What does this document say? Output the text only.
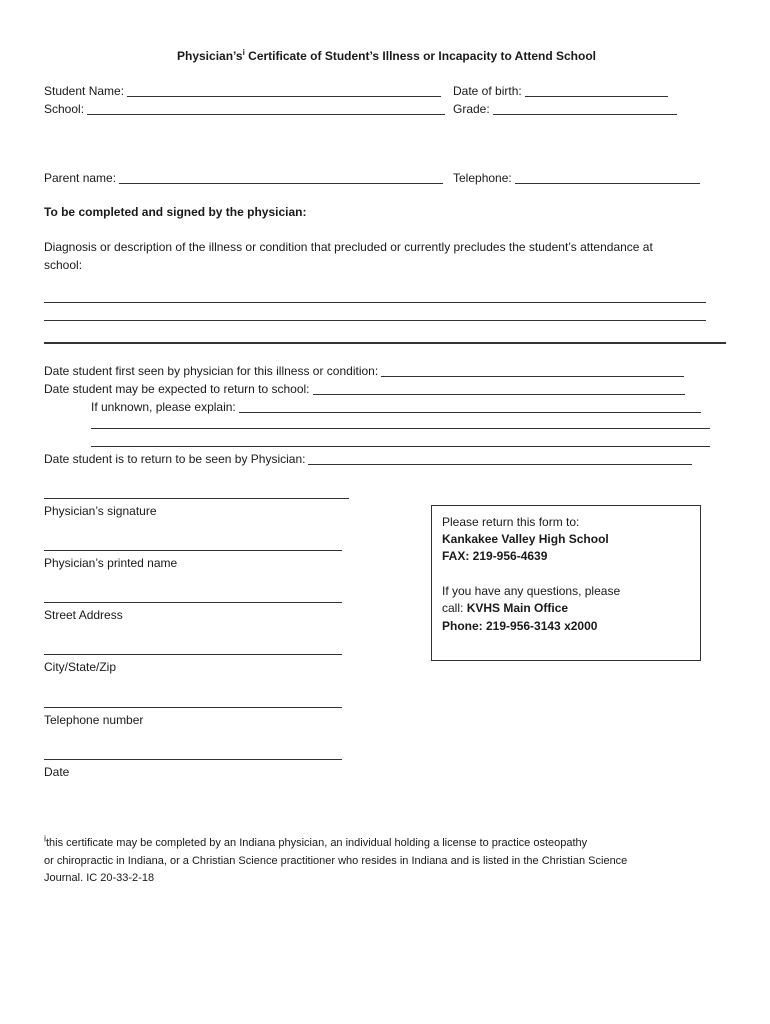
$Physician’s^i$ Certificate of Student’s Illness or Incapacity to Attend School
Student Name:	Date of birth:
School:	Grade:
Parent name:	Telephone:
To be completed and signed by the physician:
Diagnosis or description of the illness or condition that precluded or currently precludes the student’s attendance at
school:
Date student first seen by physician for this illness or condition:
Date student may be expected to return to school:
If unknown, please explain:
Date student is to return to be seen by Physician:
Physician’s signature
Physician’s printed name
Street Address
City/State/Zip
Telephone number
Date
Please return this form to:
Kankakee Valley High School
FAX: 219-956-4639
If you have any questions, please
call: KVHS Main Office
Phone: 219-956-3143 x2000
$^i$this certificate may be completed by an Indiana physician, an individual holding a license to practice osteopathy
or chiropractic in Indiana, or a Christian Science practitioner who resides in Indiana and is listed in the Christian Science
Journal. IC 20-33-2-18
